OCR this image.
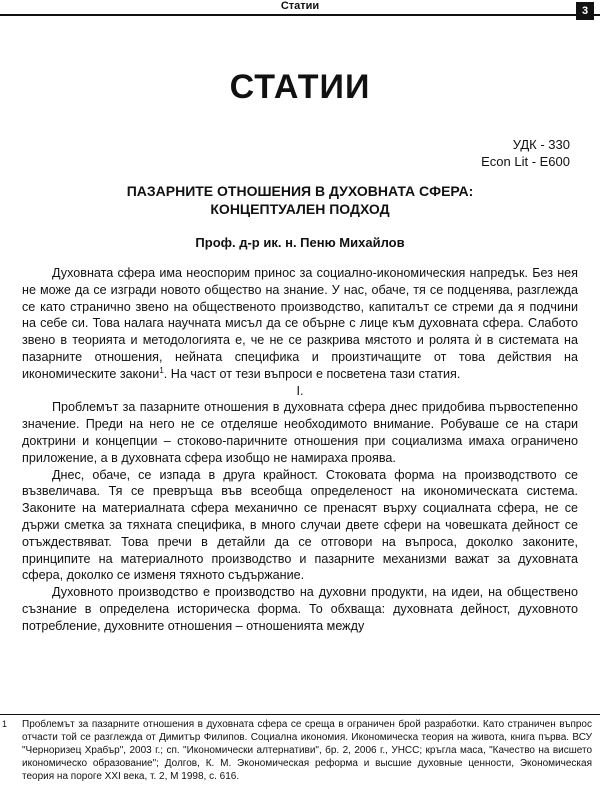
Статии	3
СТАТИИ
УДК - 330
Econ Lit - E600
ПАЗАРНИТЕ ОТНОШЕНИЯ В ДУХОВНАТА СФЕРА:
КОНЦЕПТУАЛЕН ПОДХОД
Проф. д-р ик. н. Пеню Михайлов

Духовната сфера има неоспорим принос за социално-икономическия напредък. Без нея не може да се изгради новото общество на знание. У нас, обаче, тя се подценява, разглежда се като странично звено на общественото производство, капиталът се стреми да я подчини на себе си. Това налага научната мисъл да се обърне с лице към духовната сфера. Слабото звено в теорията и методологията е, че не се разкрива мястото и ролята ѝ в системата на пазарните отношения, нейната специфика и произтичащите от това действия на икономическите закони$^1$. На част от тези въпроси е посветена тази статия.

I.

Проблемът за пазарните отношения в духовната сфера днес придобива първостепенно значение. Преди на него не се отделяше необходимото внимание. Робуваше се на стари доктрини и концепции – стоково-паричните отношения при социализма имаха ограничено приложение, а в духовната сфера изобщо не намираха проява.

Днес, обаче, се изпада в друга крайност. Стоковата форма на производството се възвеличава. Тя се превръща във всеобща определеност на икономическата система. Законите на материалната сфера механично се пренасят върху социалната сфера, не се държи сметка за тяхната специфика, в много случаи двете сфери на човешката дейност се отъждествяват. Това пречи в детайли да се отговори на въпроса, доколко законите, принципите на материалното производство и пазарните механизми важат за духовната сфера, доколко се изменя тяхното съдържание.

Духовното производство е производство на духовни продукти, на идеи, на обществено съзнание в определена историческа форма. То обхваща: духовната дейност, духовното потребление, духовните отношения – отношенията между

1 Проблемът за пазарните отношения в духовната сфера се среща в ограничен брой разработки. Като страничен въпрос отчасти той се разглежда от Димитър Филипов. Социална икономия. Икономическа теория на живота, книга първа. ВСУ "Черноризец Храбър", 2003 г.; сп. "Икономически алтернативи", бр. 2, 2006 г., УНСС; кръгла маса, "Качество на висшето икономическо образование"; Долгов, К. М. Экономическая реформа и высшие духовные ценности, Экономическая теория на пороге XXI века, т. 2, М 1998, с. 616.
